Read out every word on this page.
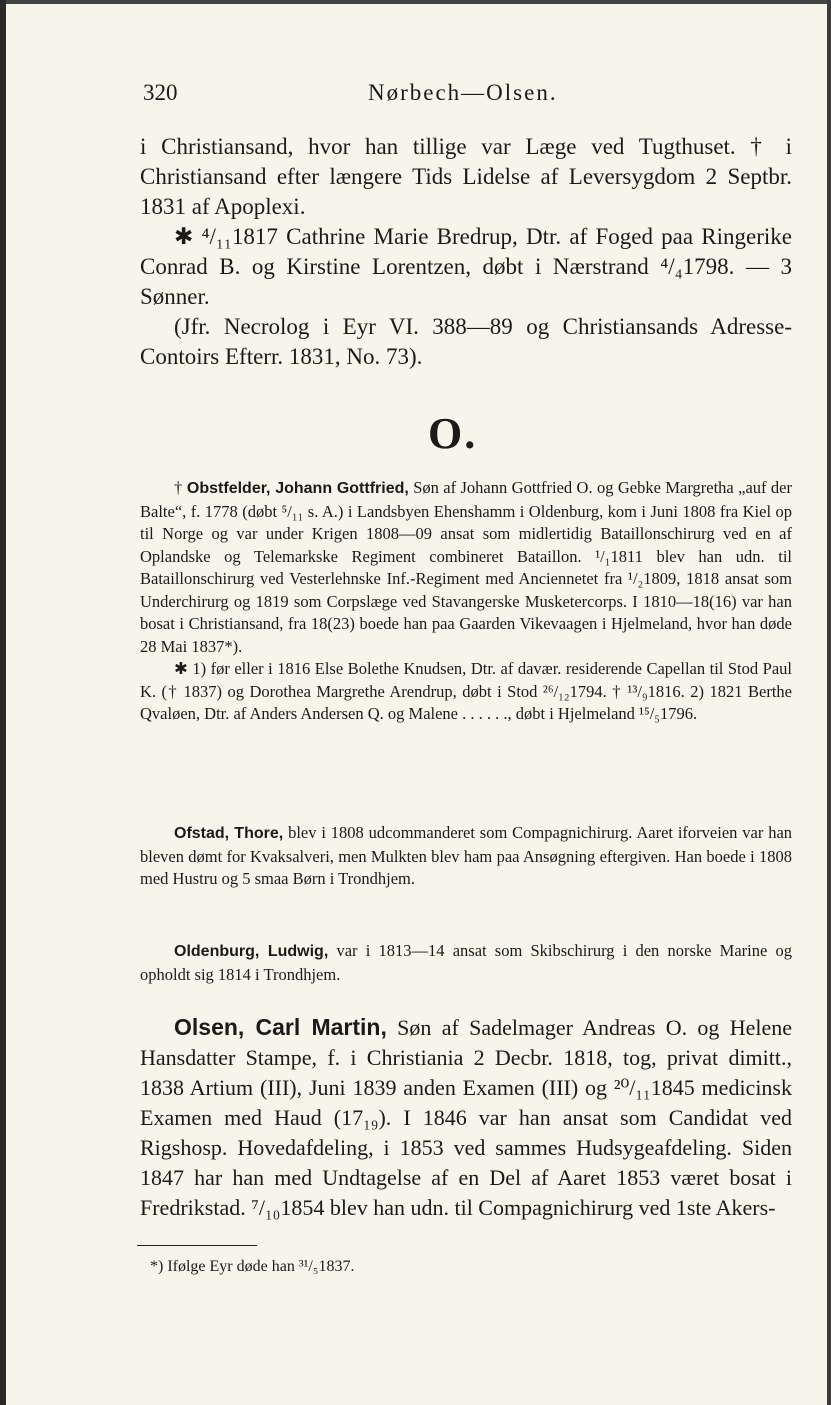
320	Nørbech—Olsen.

i Christiansand, hvor han tillige var Læge ved Tugthuset. † i Christiansand efter længere Tids Lidelse af Leversygdom 2 Septbr. 1831 af Apoplexi.

✱ ⁴/₁₁1817 Cathrine Marie Bredrup, Dtr. af Foged paa Ringerike Conrad B. og Kirstine Lorentzen, døbt i Nærstrand ⁴/₄1798. — 3 Sønner.

(Jfr. Necrolog i Eyr VI. 388—89 og Christiansands Adresse-Contoirs Efterr. 1831, No. 73).

O.

† Obstfelder, Johann Gottfried, Søn af Johann Gottfried O. og Gebke Margretha „auf der Balte“, f. 1778 (døbt ⁵/₁₁ s. A.) i Landsbyen Ehenshamm i Oldenburg, kom i Juni 1808 fra Kiel op til Norge og var under Krigen 1808—09 ansat som midlertidig Bataillonschirurg ved en af Oplandske og Telemarkske Regiment combineret Bataillon. ¹/₁1811 blev han udn. til Bataillonschirurg ved Vesterlehnske Inf.-Regiment med Anciennetet fra ¹/₂1809, 1818 ansat som Underchirurg og 1819 som Corpslæge ved Stavangerske Musketercorps. I 1810—18(16) var han bosat i Christiansand, fra 18(23) boede han paa Gaarden Vikevaagen i Hjelmeland, hvor han døde 28 Mai 1837*).

✱ 1) før eller i 1816 Else Bolethe Knudsen, Dtr. af davær. residerende Capellan til Stod Paul K. († 1837) og Dorothea Margrethe Arendrup, døbt i Stod ²⁶/₁₂1794. † ¹³/₉1816. 2) 1821 Berthe Qvaløen, Dtr. af Anders Andersen Q. og Malene . . . . . ., døbt i Hjelmeland ¹⁵/₅1796.

Ofstad, Thore, blev i 1808 udcommanderet som Compagnichirurg. Aaret iforveien var han bleven dømt for Kvaksalveri, men Mulkten blev ham paa Ansøgning eftergiven. Han boede i 1808 med Hustru og 5 smaa Børn i Trondhjem.

Oldenburg, Ludwig, var i 1813—14 ansat som Skibschirurg i den norske Marine og opholdt sig 1814 i Trondhjem.

Olsen, Carl Martin, Søn af Sadelmager Andreas O. og Helene Hansdatter Stampe, f. i Christiania 2 Decbr. 1818, tog, privat dimitt., 1838 Artium (III), Juni 1839 anden Examen (III) og ²⁰/₁₁1845 medicinsk Examen med Haud (17₁₉). I 1846 var han ansat som Candidat ved Rigshosp. Hovedafdeling, i 1853 ved sammes Hudsygeafdeling. Siden 1847 har han med Undtagelse af en Del af Aaret 1853 været bosat i Fredrikstad. ⁷/₁₀1854 blev han udn. til Compagnichirurg ved 1ste Akers-

*) Ifølge Eyr døde han ³¹/₅1837.
